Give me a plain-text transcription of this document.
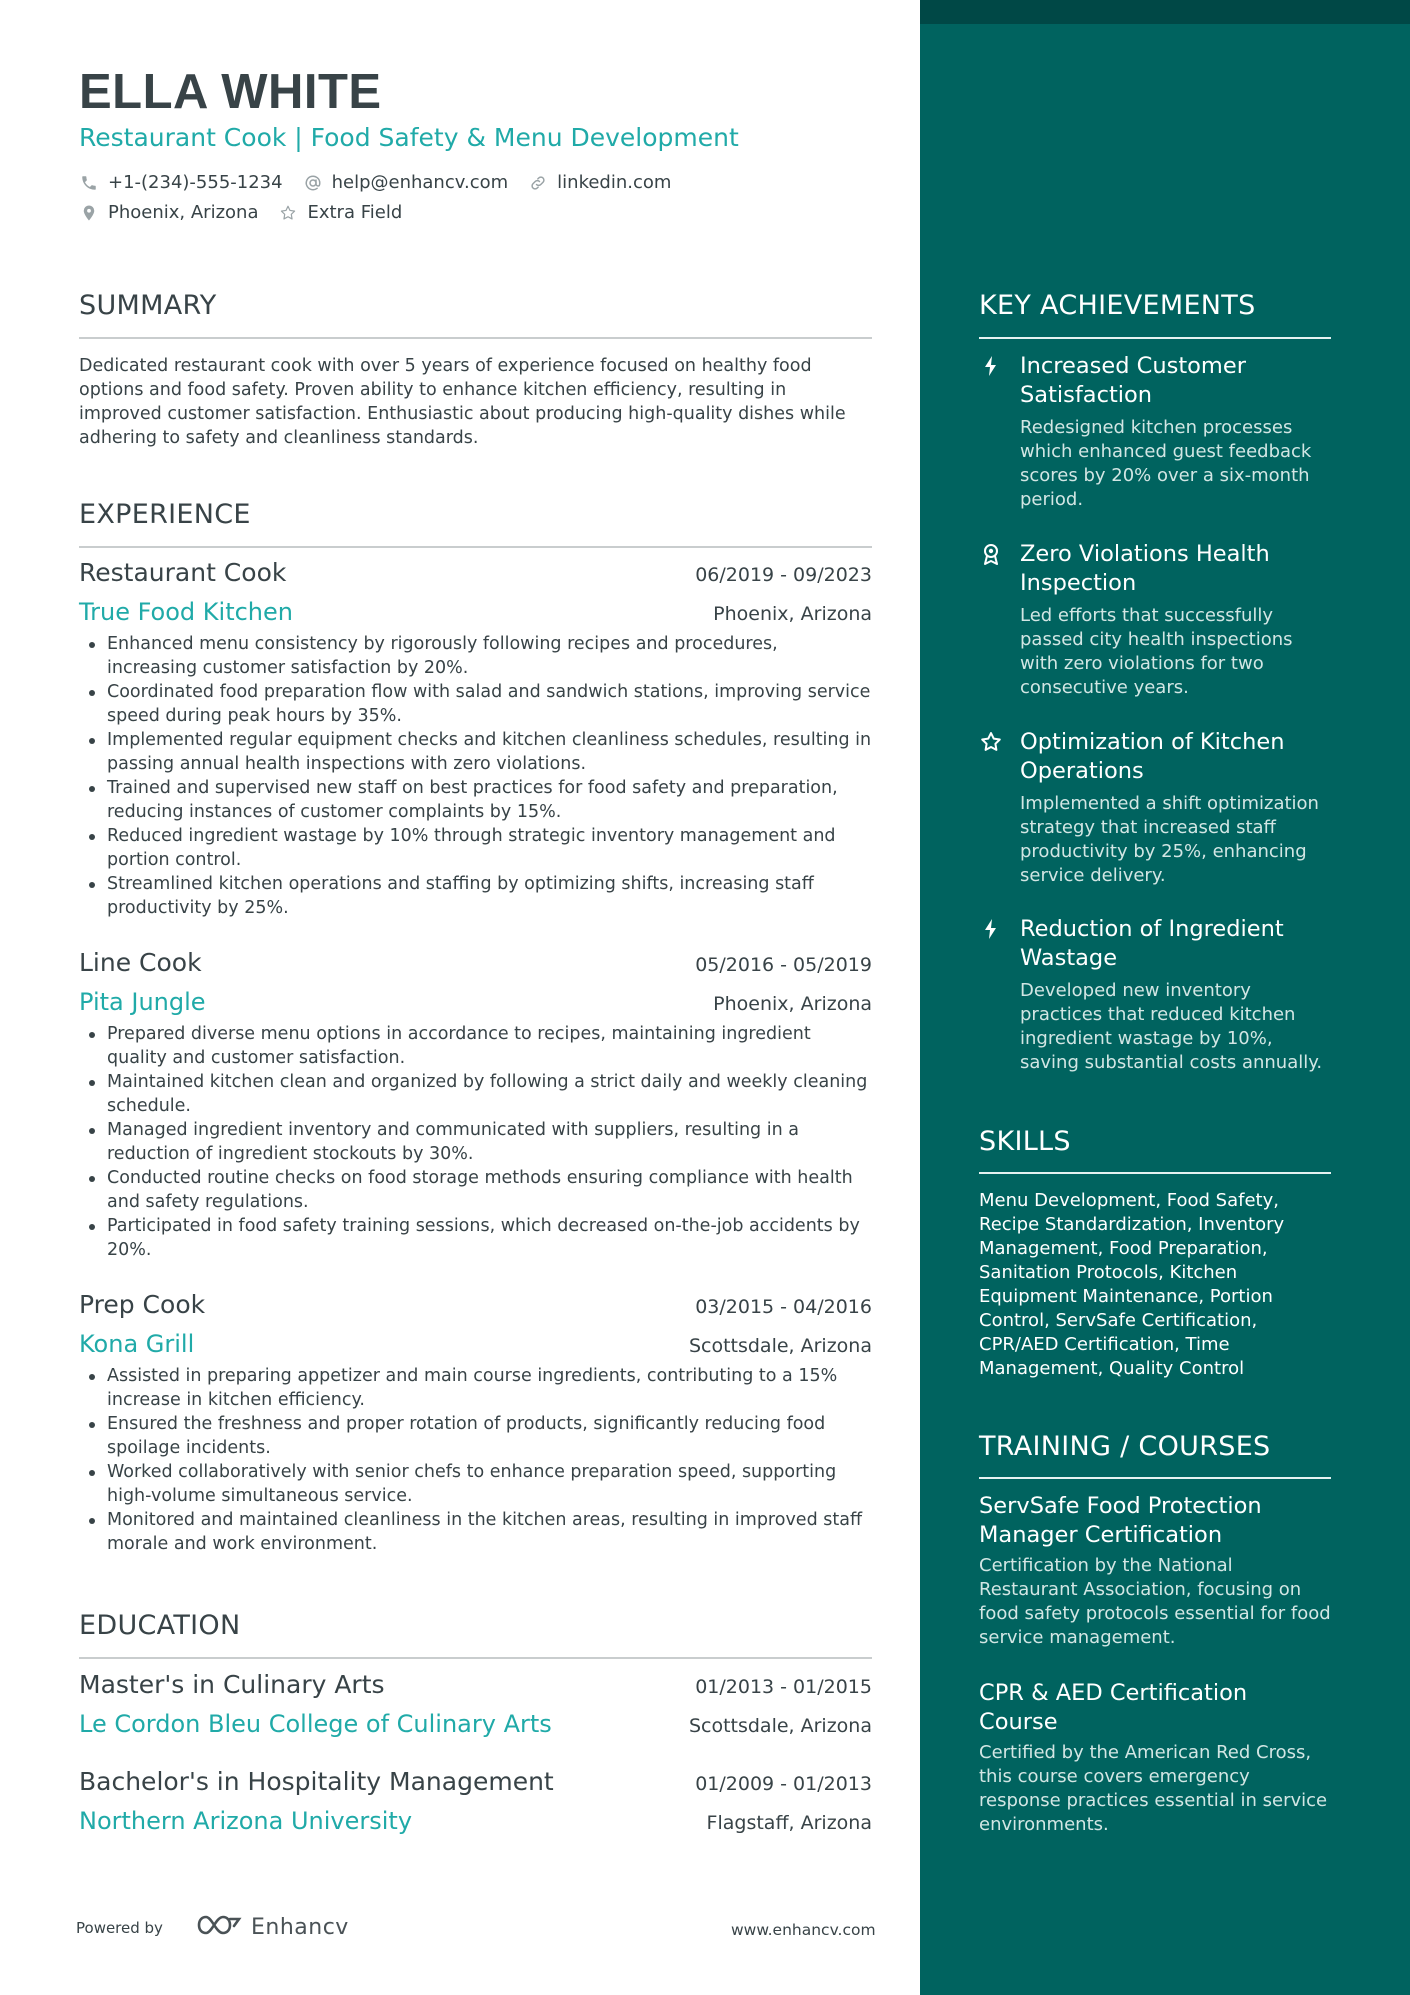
ELLA WHITE
Restaurant Cook | Food Safety & Menu Development
+1-(234)-555-1234	help@enhancv.com	linkedin.com
Phoenix, Arizona	Extra Field
SUMMARY
Dedicated restaurant cook with over 5 years of experience focused on healthy food options and food safety. Proven ability to enhance kitchen efficiency, resulting in improved customer satisfaction. Enthusiastic about producing high-quality dishes while adhering to safety and cleanliness standards.
EXPERIENCE
Restaurant Cook	06/2019 - 09/2023
True Food Kitchen	Phoenix, Arizona
Enhanced menu consistency by rigorously following recipes and procedures, increasing customer satisfaction by 20%.
Coordinated food preparation flow with salad and sandwich stations, improving service speed during peak hours by 35%.
Implemented regular equipment checks and kitchen cleanliness schedules, resulting in passing annual health inspections with zero violations.
Trained and supervised new staff on best practices for food safety and preparation, reducing instances of customer complaints by 15%.
Reduced ingredient wastage by 10% through strategic inventory management and portion control.
Streamlined kitchen operations and staffing by optimizing shifts, increasing staff productivity by 25%.
Line Cook	05/2016 - 05/2019
Pita Jungle	Phoenix, Arizona
Prepared diverse menu options in accordance to recipes, maintaining ingredient quality and customer satisfaction.
Maintained kitchen clean and organized by following a strict daily and weekly cleaning schedule.
Managed ingredient inventory and communicated with suppliers, resulting in a reduction of ingredient stockouts by 30%.
Conducted routine checks on food storage methods ensuring compliance with health and safety regulations.
Participated in food safety training sessions, which decreased on-the-job accidents by 20%.
Prep Cook	03/2015 - 04/2016
Kona Grill	Scottsdale, Arizona
Assisted in preparing appetizer and main course ingredients, contributing to a 15% increase in kitchen efficiency.
Ensured the freshness and proper rotation of products, significantly reducing food spoilage incidents.
Worked collaboratively with senior chefs to enhance preparation speed, supporting high-volume simultaneous service.
Monitored and maintained cleanliness in the kitchen areas, resulting in improved staff morale and work environment.
EDUCATION
Master's in Culinary Arts	01/2013 - 01/2015
Le Cordon Bleu College of Culinary Arts	Scottsdale, Arizona
Bachelor's in Hospitality Management	01/2009 - 01/2013
Northern Arizona University	Flagstaff, Arizona
Powered by	Enhancv	www.enhancv.com
KEY ACHIEVEMENTS
Increased Customer Satisfaction
Redesigned kitchen processes which enhanced guest feedback scores by 20% over a six-month period.
Zero Violations Health Inspection
Led efforts that successfully passed city health inspections with zero violations for two consecutive years.
Optimization of Kitchen Operations
Implemented a shift optimization strategy that increased staff productivity by 25%, enhancing service delivery.
Reduction of Ingredient Wastage
Developed new inventory practices that reduced kitchen ingredient wastage by 10%, saving substantial costs annually.
SKILLS
Menu Development, Food Safety, Recipe Standardization, Inventory Management, Food Preparation, Sanitation Protocols, Kitchen Equipment Maintenance, Portion Control, ServSafe Certification, CPR/AED Certification, Time Management, Quality Control
TRAINING / COURSES
ServSafe Food Protection Manager Certification
Certification by the National Restaurant Association, focusing on food safety protocols essential for food service management.
CPR & AED Certification Course
Certified by the American Red Cross, this course covers emergency response practices essential in service environments.
